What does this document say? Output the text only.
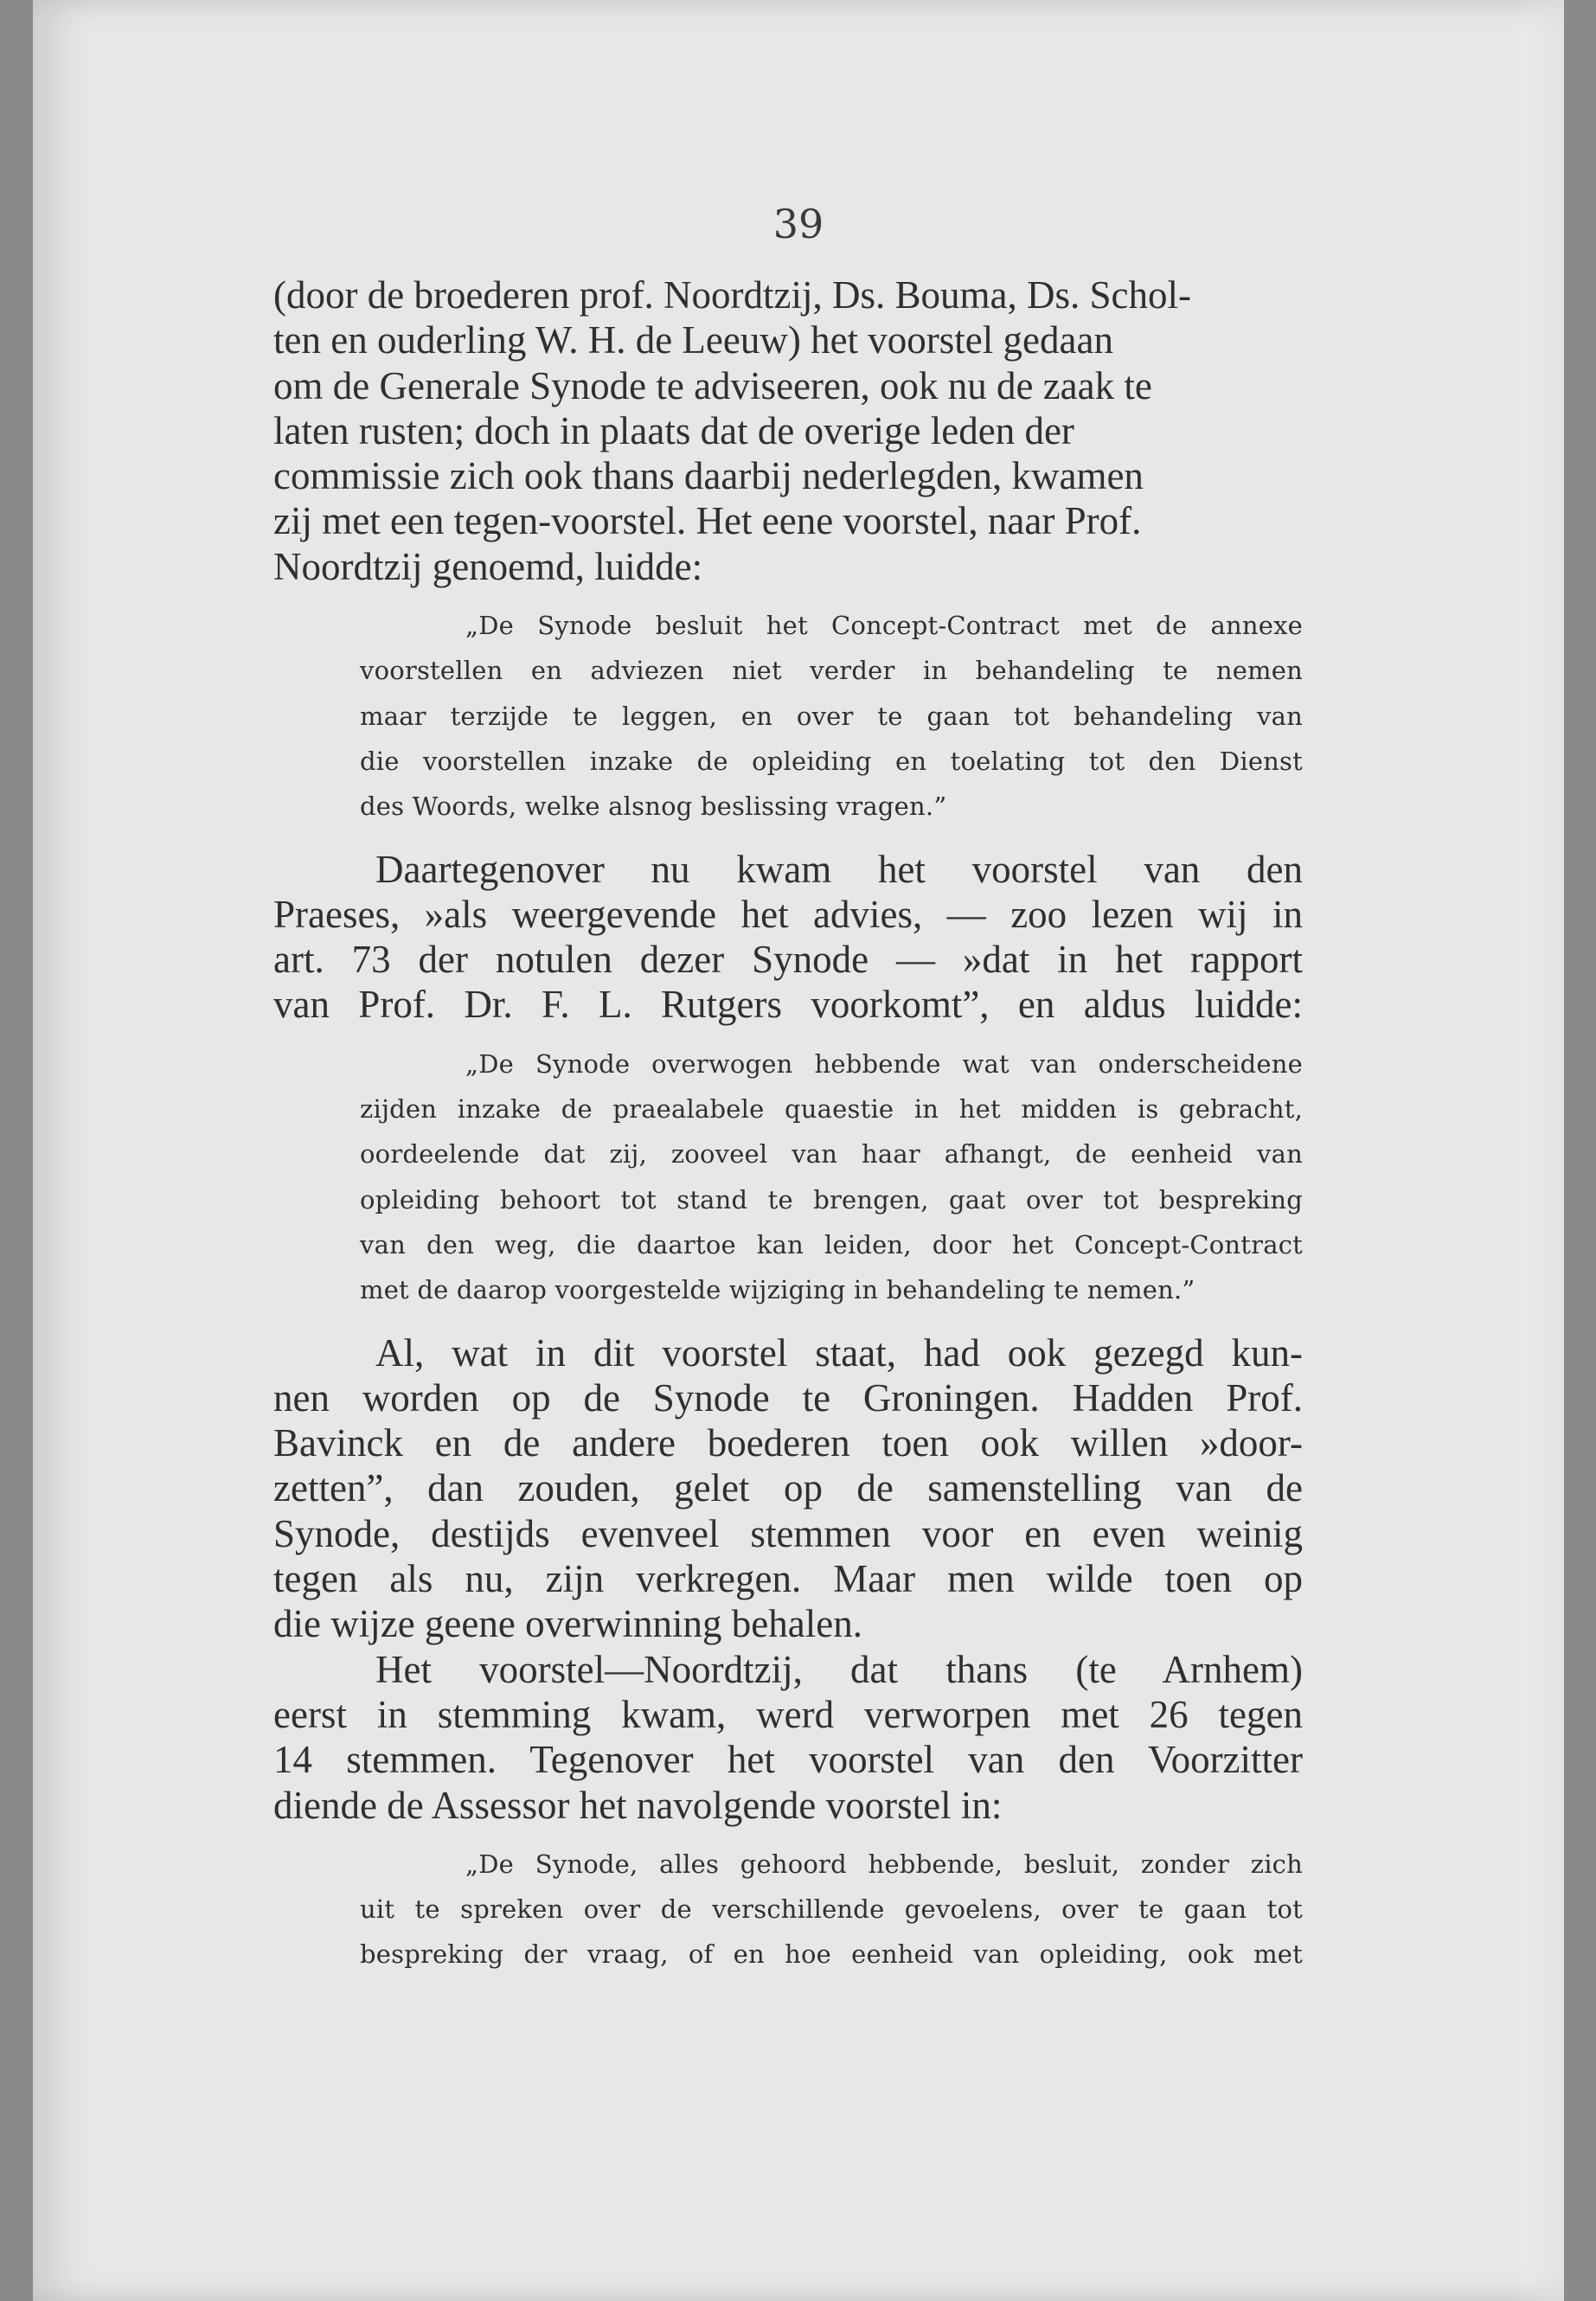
39

(door de broederen prof. Noordtzij, Ds. Bouma, Ds. Schol-
ten en ouderling W. H. de Leeuw) het voorstel gedaan
om de Generale Synode te adviseeren, ook nu de zaak te
laten rusten; doch in plaats dat de overige leden der
commissie zich ook thans daarbij nederlegden, kwamen
zij met een tegen-voorstel. Het eene voorstel, naar Prof.
Noordtzij genoemd, luidde:

„De Synode besluit het Concept-Contract met de annexe
voorstellen en adviezen niet verder in behandeling te nemen
maar terzijde te leggen, en over te gaan tot behandeling van
die voorstellen inzake de opleiding en toelating tot den Dienst
des Woords, welke alsnog beslissing vragen.”

Daartegenover nu kwam het voorstel van den
Praeses, »als weergevende het advies, — zoo lezen wij in
art. 73 der notulen dezer Synode — »dat in het rapport
van Prof. Dr. F. L. Rutgers voorkomt”, en aldus luidde:

„De Synode overwogen hebbende wat van onderscheidene
zijden inzake de praealabele quaestie in het midden is gebracht,
oordeelende dat zij, zooveel van haar afhangt, de eenheid van
opleiding behoort tot stand te brengen, gaat over tot bespreking
van den weg, die daartoe kan leiden, door het Concept-Contract
met de daarop voorgestelde wijziging in behandeling te nemen.”

Al, wat in dit voorstel staat, had ook gezegd kun-
nen worden op de Synode te Groningen. Hadden Prof.
Bavinck en de andere boederen toen ook willen »door-
zetten”, dan zouden, gelet op de samenstelling van de
Synode, destijds evenveel stemmen voor en even weinig
tegen als nu, zijn verkregen. Maar men wilde toen op
die wijze geene overwinning behalen.

Het voorstel—Noordtzij, dat thans (te Arnhem)
eerst in stemming kwam, werd verworpen met 26 tegen
14 stemmen. Tegenover het voorstel van den Voorzitter
diende de Assessor het navolgende voorstel in:

„De Synode, alles gehoord hebbende, besluit, zonder zich
uit te spreken over de verschillende gevoelens, over te gaan tot
bespreking der vraag, of en hoe eenheid van opleiding, ook met
